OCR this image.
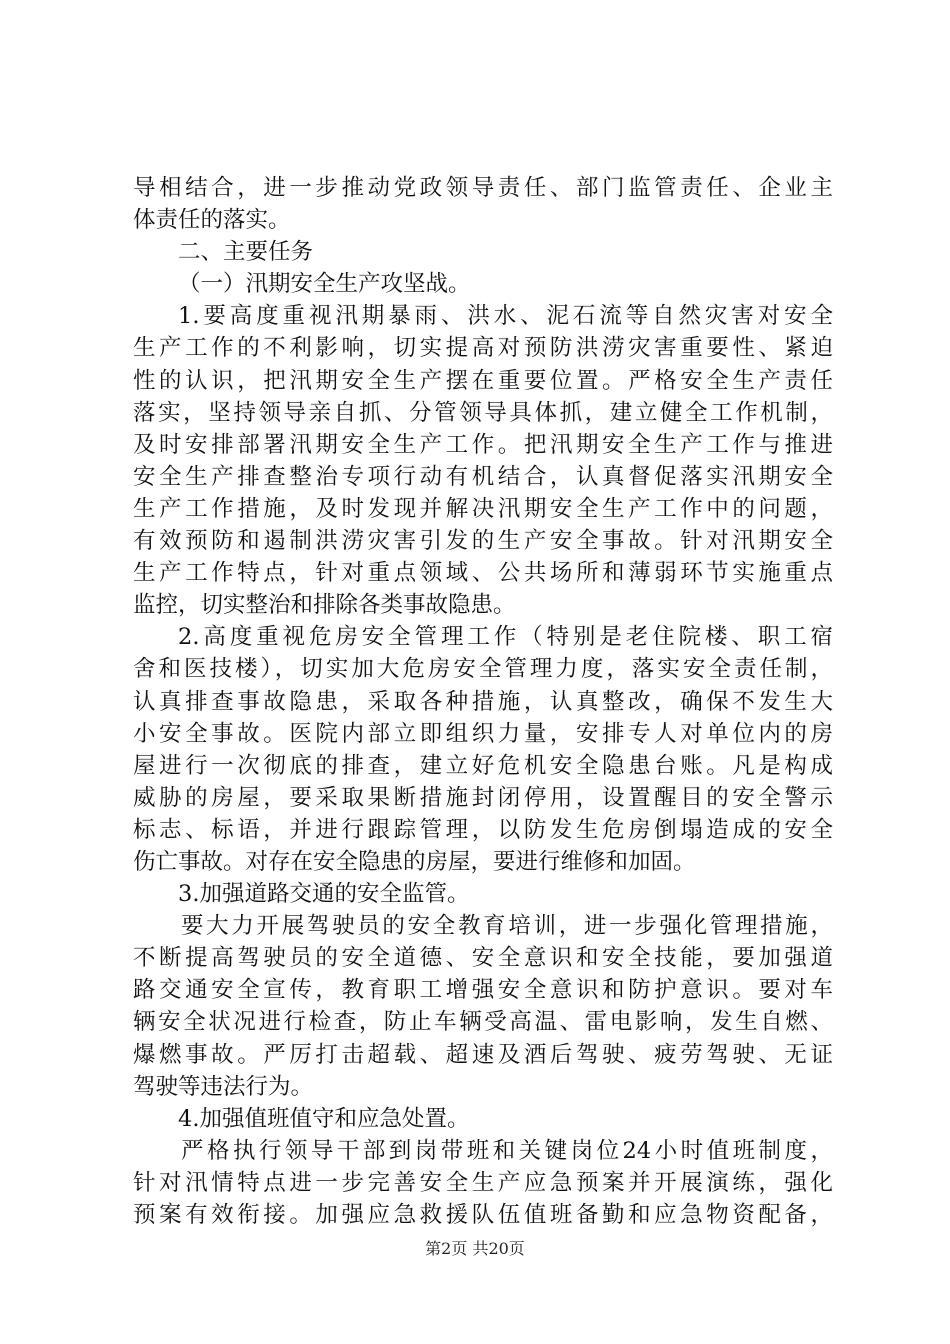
导相结合，进一步推动党政领导责任、部门监管责任、企业主
体责任的落实。
二、主要任务
（一）汛期安全生产攻坚战。
1.要高度重视汛期暴雨、洪水、泥石流等自然灾害对安全
生产工作的不利影响，切实提高对预防洪涝灾害重要性、紧迫
性的认识，把汛期安全生产摆在重要位置。严格安全生产责任
落实，坚持领导亲自抓、分管领导具体抓，建立健全工作机制，
及时安排部署汛期安全生产工作。把汛期安全生产工作与推进
安全生产排查整治专项行动有机结合，认真督促落实汛期安全
生产工作措施，及时发现并解决汛期安全生产工作中的问题，
有效预防和遏制洪涝灾害引发的生产安全事故。针对汛期安全
生产工作特点，针对重点领域、公共场所和薄弱环节实施重点
监控，切实整治和排除各类事故隐患。
2.高度重视危房安全管理工作（特别是老住院楼、职工宿
舍和医技楼），切实加大危房安全管理力度，落实安全责任制，
认真排查事故隐患，采取各种措施，认真整改，确保不发生大
小安全事故。医院内部立即组织力量，安排专人对单位内的房
屋进行一次彻底的排查，建立好危机安全隐患台账。凡是构成
威胁的房屋，要采取果断措施封闭停用，设置醒目的安全警示
标志、标语，并进行跟踪管理，以防发生危房倒塌造成的安全
伤亡事故。对存在安全隐患的房屋，要进行维修和加固。
3.加强道路交通的安全监管。
要大力开展驾驶员的安全教育培训，进一步强化管理措施，
不断提高驾驶员的安全道德、安全意识和安全技能，要加强道
路交通安全宣传，教育职工增强安全意识和防护意识。要对车
辆安全状况进行检查，防止车辆受高温、雷电影响，发生自燃、
爆燃事故。严厉打击超载、超速及酒后驾驶、疲劳驾驶、无证
驾驶等违法行为。
4.加强值班值守和应急处置。
严格执行领导干部到岗带班和关键岗位24小时值班制度，
针对汛情特点进一步完善安全生产应急预案并开展演练，强化
预案有效衔接。加强应急救援队伍值班备勤和应急物资配备，
第2页 共20页
